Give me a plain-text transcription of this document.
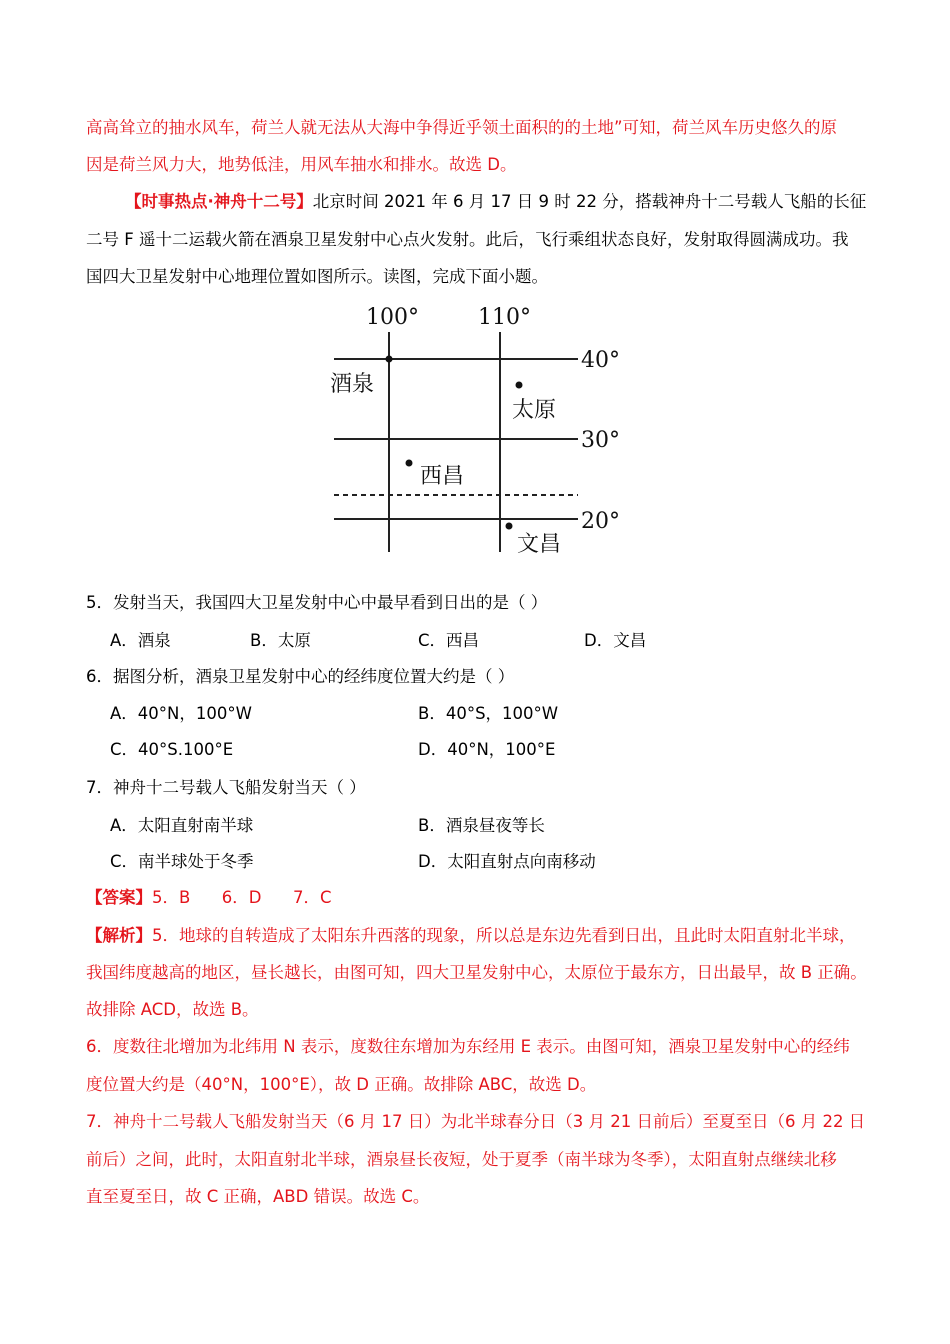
高高耸立的抽水风车，荷兰人就无法从大海中争得近乎领土面积的的土地”可知，荷兰风车历史悠久的原
因是荷兰风力大，地势低洼，用风车抽水和排水。故选 D。
【时事热点·神舟十二号】北京时间 2021 年 6 月 17 日 9 时 22 分，搭载神舟十二号载人飞船的长征
二号 F 遥十二运载火箭在酒泉卫星发射中心点火发射。此后，飞行乘组状态良好，发射取得圆满成功。我
国四大卫星发射中心地理位置如图所示。读图，完成下面小题。
100°	110°
40°
30°
20°
酒泉
太原
西昌
文昌
5．发射当天，我国四大卫星发射中心中最早看到日出的是（ ）
A．酒泉	B．太原	C．西昌	D．文昌
6．据图分析，酒泉卫星发射中心的经纬度位置大约是（ ）
A．40°N，100°W	B．40°S，100°W
C．40°S.100°E	D．40°N，100°E
7．神舟十二号载人飞船发射当天（ ）
A．太阳直射南半球	B．酒泉昼夜等长
C．南半球处于冬季	D．太阳直射点向南移动
【答案】5．B      6．D      7．C
【解析】5．地球的自转造成了太阳东升西落的现象，所以总是东边先看到日出，且此时太阳直射北半球，
我国纬度越高的地区，昼长越长，由图可知，四大卫星发射中心，太原位于最东方，日出最早，故 B 正确。
故排除 ACD，故选 B。
6．度数往北增加为北纬用 N 表示，度数往东增加为东经用 E 表示。由图可知，酒泉卫星发射中心的经纬
度位置大约是（40°N，100°E），故 D 正确。故排除 ABC，故选 D。
7．神舟十二号载人飞船发射当天（6 月 17 日）为北半球春分日（3 月 21 日前后）至夏至日（6 月 22 日
前后）之间，此时，太阳直射北半球，酒泉昼长夜短，处于夏季（南半球为冬季），太阳直射点继续北移
直至夏至日，故 C 正确，ABD 错误。故选 C。
